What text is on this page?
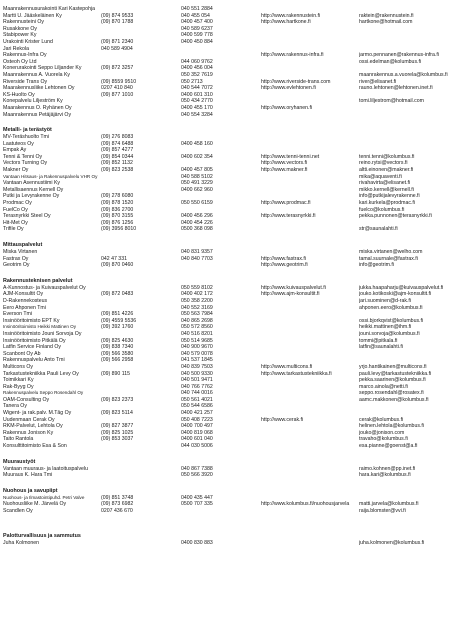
Maanrakennusurakointi Kari Kastepohja	040 551 2884
Martti U. Jääskeläinen Ky	(09) 874 9533	040 455 054	http://www.rakennustein.fi	raktein@rakennustein.fi
Rakennusteini Oy	(09) 870 1788	0400 457 400	http://www.hartkone.fi	hartkone@hotmail.com
Rusakkone Oy	040 589 6237
Stabipower Ky	0400 599 778
Urakointi Krister Lund	(09) 871 2340	0400 450 884
Jari Rekola	040 589 4904
Rakennus-Infra Oy	http://www.rakennus-infra.fi	jarmo.pennanen@rakennus-infra.fi
Osteoh Oy Ltd	044 060 9762	ossi.edelman@kolumbus.fi
Konerurakointi Seppo Liljander Ky	(09) 872 3257	0400 456 004
Maanrakennus A. Vuorela Ky	050 352 7619	maanrakennus.a.vuorela@kolumbus.fi
Riverside Trans Oy	(09) 8559 9510	050 2713	http://www.riverside-trans.com	river@elisanet.fi
Maarakennusliike Lehtonen Oy	0207 410 840	040 544 7072	http://www.evlehtonen.fi	rauno.lehtonen@lehtonen.inet.fi
KS-Huolto Oy	(09) 877 1010	0400 601 310
Konepalvelu Liljeström Ky	050 434 2770	tomi.liljestrom@hotmail.com
Maarakennus O. Ryhänen Oy	0400 455 170	http://www.oryhanen.fi
Maanrakennus Petäjäjärvi Oy	040 554 3284
Metalli- ja terästyöt
MV-Teräshuolto Tmi	(09) 276 8083
Laatuteos Oy	(09) 874 6488	0400 458 160
Empak Ay	(09) 857 4277
Tenni & Tenni Oy	(09) 854 0344	0400 602 354	http://www.tenni-tenni.net	tenni.tenni@kolumbus.fi
Vectors Turning Oy	(09) 852 1132	http://www.vectors.fi	reino.rytsi@vectors.fi
Makner Oy	(09) 823 2538	0400 457 805	http://www.makner.fi	altti.einonen@makner.fi
Vantaan Hitsaus- ja Rakennuspalvelu VHR Oy	040 588 5102	mika@aquaventi.fi
Vantaan Asennustiimi Ky	050 491 3229	rivahavirta@elisanet.fi
Metallisaennus Kernell Oy	0400 662 960	mikko.kernell@kernell.fi
Putki ja Levyrakenne Oy	(09) 278 6080	info@putkijalevyrakenne.fi
Prodmac Oy	(09) 878 1520	050 550 6159	http://www.prodmac.fi	kari.kurkela@prodmac.fi
FuelCo Oy	(09) 836 2700	fuelco@kolumbus.fi
Terasnyrkki Steel Oy	(09) 870 3155	0400 456 296	http://www.terasnyrkki.fi	pekka.punnonen@terasnyrkki.fi
Hit-Met Oy	(09) 876 1256	0400 454 226
Trifile Oy	(09) 3956 8010	0500 368 098	str@saunalahti.fi
Mittauspalvelut
Miska Virtanen	040 831 9357	miska.virtanen@welho.com
Fastrax Oy	042 47 331	040 840 7703	http://www.fastrax.fi	tamal.suurnale@fastrax.fi
Geotrim Oy	(09) 870 0460	http://www.geotrim.fi	info@geotrim.fi
Rakennusteknisen palvelut
A-Kunnostus- ja Kuivauspalvelut Oy	050 559 8102	http://www.kuivauspalvelut.fi	jukka.haapaharju@kuivauspalvelut.fi
AJM-Konsultit Oy	(09) 872 0483	0400 402 172	http://www.ajm-konsultit.fi	jouko.kotikoski@ajm-konsultit.fi
D-Rakennekosteus	050 358 2200	jari.suominen@d-rak.fi
Eero Ahponen Tmi	040 552 3169	ahponen.eero@kolumbus.fi
Everson Tmi	(09) 851 4226	050 563 7984
Insinööritoimisto EPT Ky	(09) 4559 5536	040 865 2698	ossi.bjorkqvist@kolumbus.fi
Insinööritoimisto Heikki Mattinen Oy	(09) 392 1760	050 572 8560	heikki.mattinen@ihm.fi
Insinööritoimisto Jouni Sorvoja Oy	040 516 8201	jouni.sorvoja@kolumbus.fi
Insinööritoimisto Pitkälä Oy	(09) 825 4630	050 514 9685	tommi@pitkala.fi
Latfin Service Finland Oy	(09) 838 7340	040 900 9670	latfin@saunalahti.fi
Scanbont Oy Ab	(09) 566 3580	040 579 0078
Rakennuspalvelu Anto Tmi	(09) 566 2958	041 537 1845
Multicons Oy	040 839 7503	http://www.multicons.fi	yrjo.hantikainen@multicons.fi
Tarkastustekniikka Pauli Levy Oy	(09) 890 115	040 500 9330	http://www.tarkastustekniikka.fi	pauli.levy@tarkastustekniikka.fi
Toimikkari Ky	040 501 9471	pekka.saarinen@kolumbus.fi
Rak-Byyg Oy	040 766 7762	marco.ainola@netti.fi
Rakennuspalvelu Seppo Rosendahl Oy	040 744 0016	seppo.rosendahl@rosatex.fi
OAM-Consulting Oy	(09) 823 2373	050 561 4021	aamc.makkonen@kolumbus.fi
Tanera Oy	050 544 6586
Wigent- ja rak.palv. M.Tåg Oy	(09) 823 5114	0400 421 257
Uudenmaan Cerak Oy	050 408 7223	http://www.cerak.fi	cerak@kolumbus.fi
RKM-Palvelut, Lehtola Oy	(09) 827 3877	0400 700 497	helinen.lehtola@kolumbus.fi
Rakennus Jonison Ky	(09) 825 1025	0400 819 068	jouko@jonison.com
Taito Rantola	(09) 853 3037	0400 601 040	travaho@kolumbus.fi
Konsulttitoimisto Esa & Son	044 030 5006	esa.pianne@goenst@a.fi
Muuraustyöt
Vantaan muuraus- ja laatoituspalvelu	040 867 7388	raimo.kohnen@pp.inet.fi
Muuraus K. Hara Tmi	050 566 3920	hara.kari@kolumbus.fi
Nuohous ja savupiipt
Nuohous- ja Ilmastointipuhd. Petri Valve	(09) 851 3748	0400 435 447
Nuohousliike M. Järvelä Oy	(09) 873 6982	0500 707 335	http://www.kolumbus.fi/nuohousjarvela	matti.jarvela@kolumbus.fi
Scandlen Oy	0207 436 670	raija.blomster@vvi.fi
Palotturvallisuus ja sammutus
Juha Kolmonen	0400 830 883	juha.kolmonen@kolumbus.fi
